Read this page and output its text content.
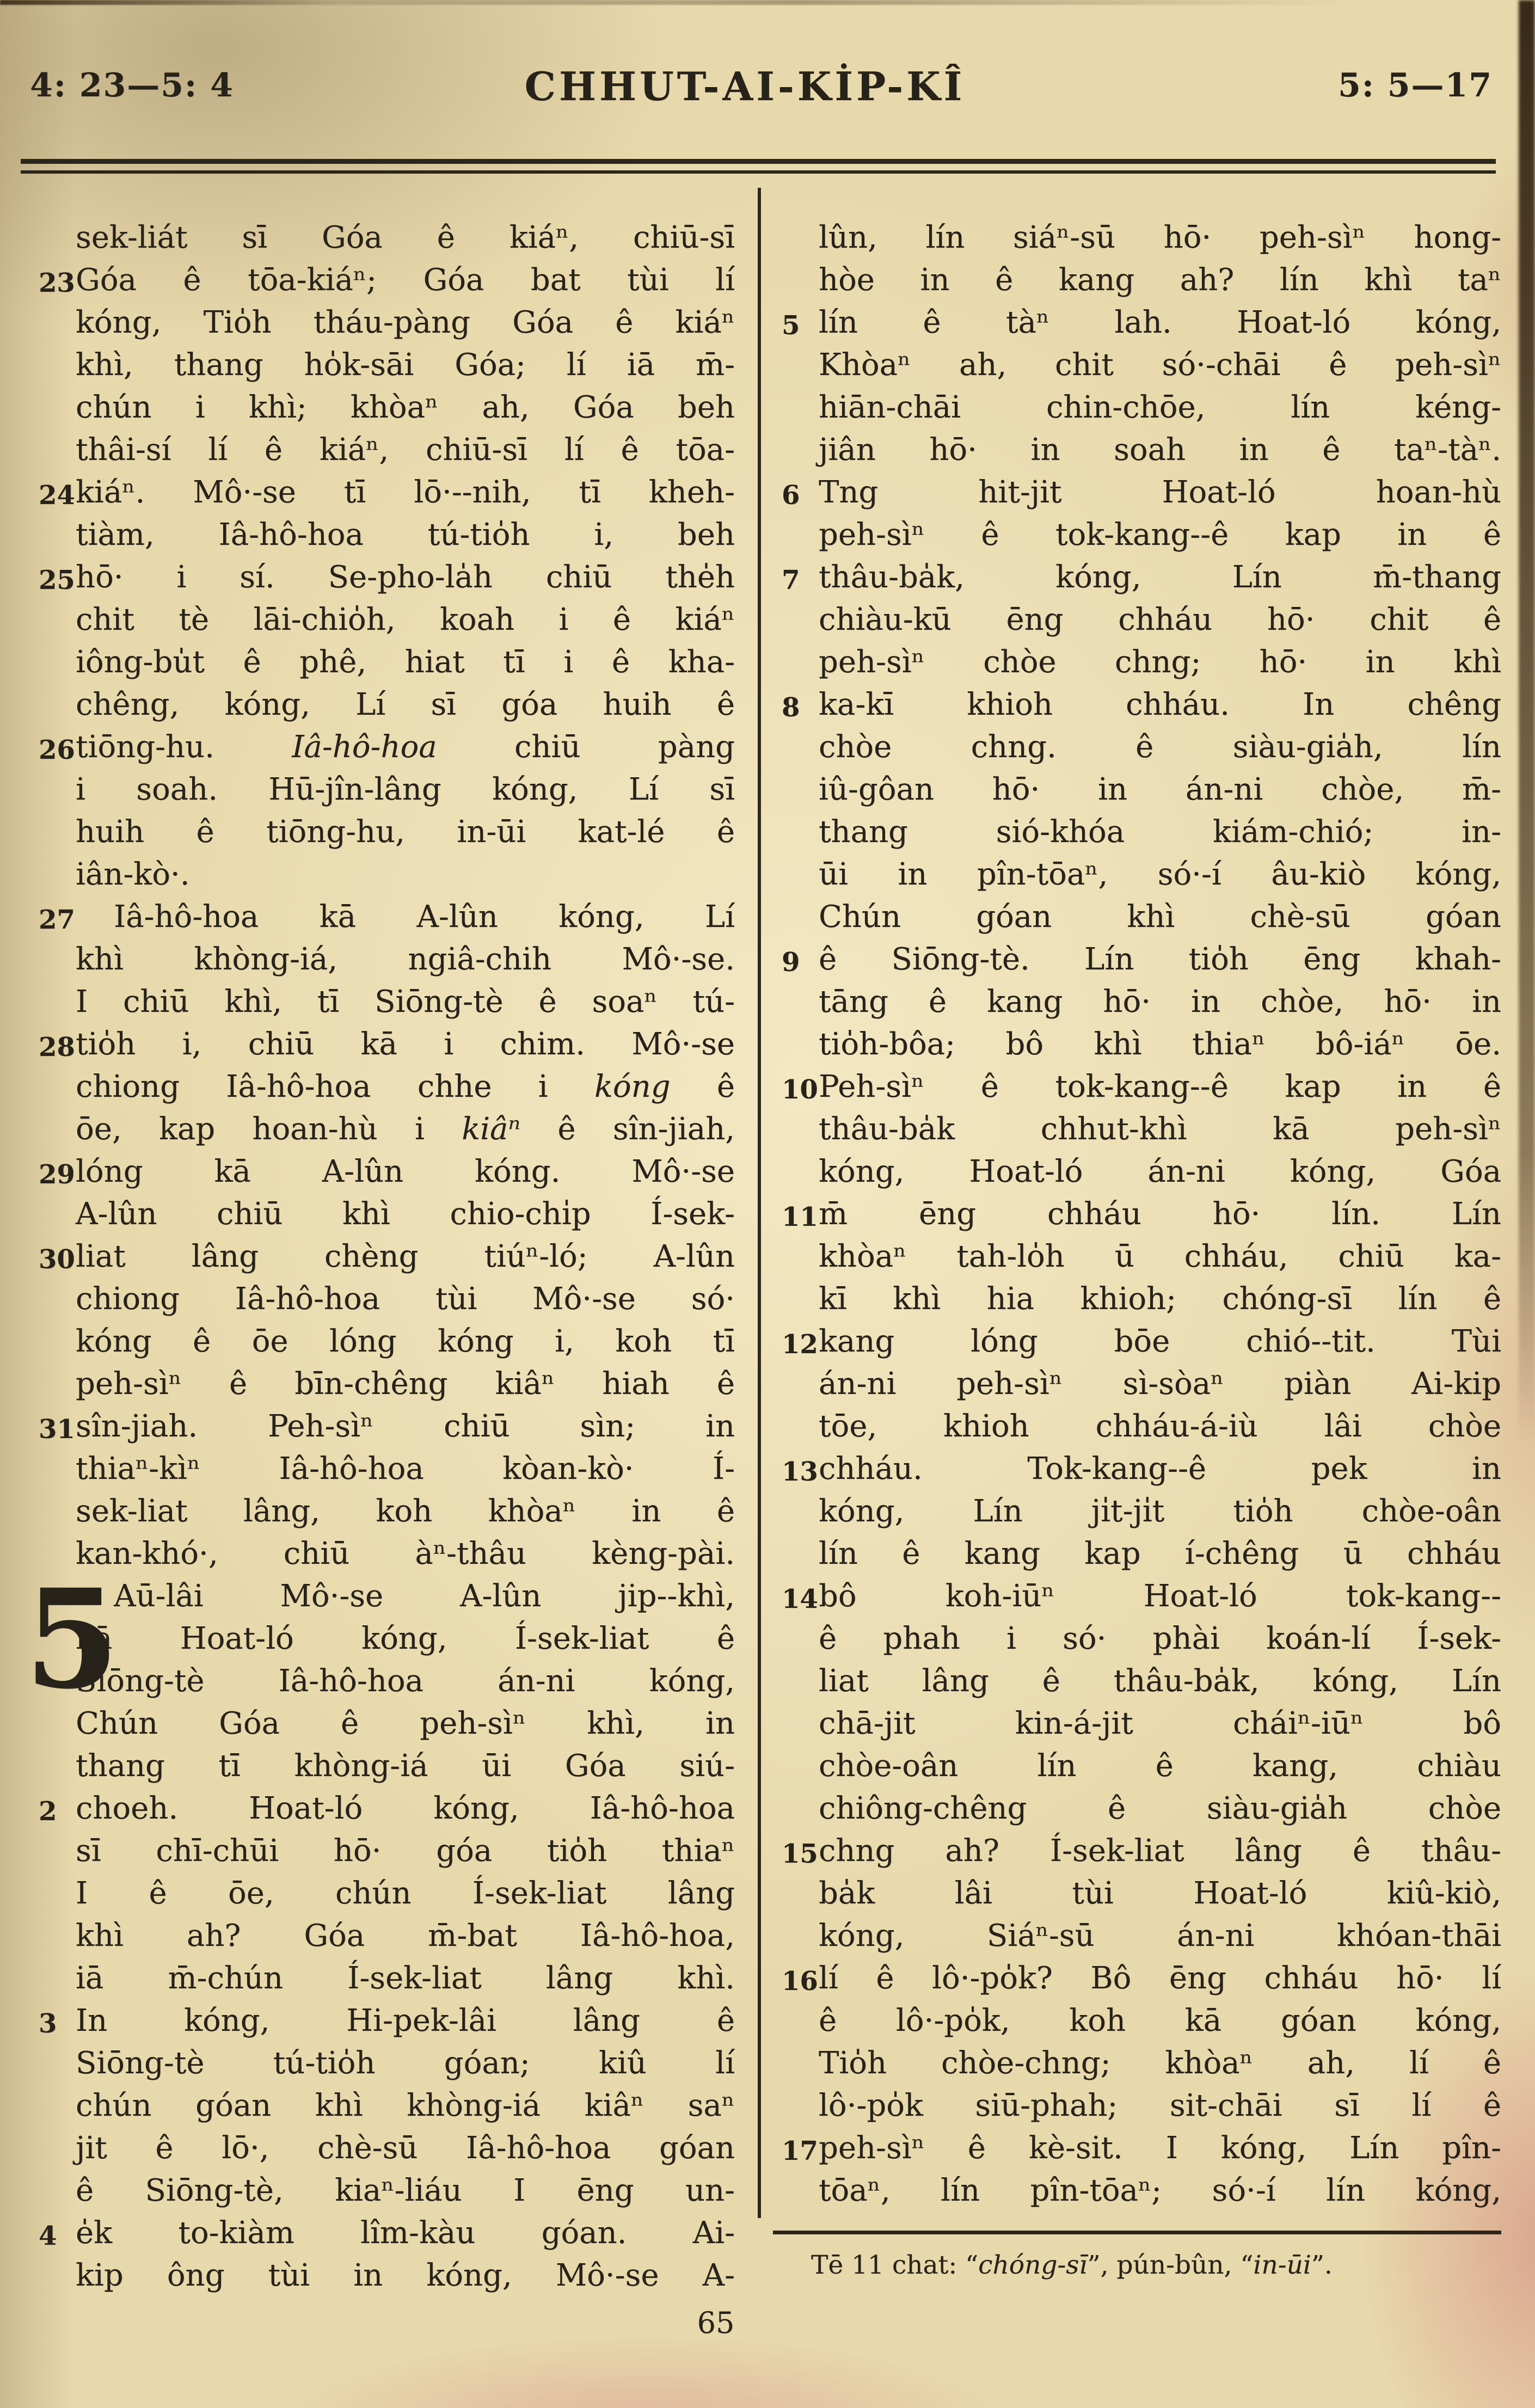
4: 23—5: 4	CHHUT-AI-KİP-KÎ	5: 5—17
sek-liát sī Góa ê kiáⁿ, chiū-sī
23 Góa ê tōa-kiáⁿ; Góa bat tùi lí
kóng, Tio̍h tháu-pàng Góa ê kiáⁿ
khì, thang ho̍k-sāi Góa; lí iā m̄-
chún i khì; khòaⁿ ah, Góa beh
thâi-sí lí ê kiáⁿ, chiū-sī lí ê tōa-
24 kiáⁿ. Mô·-se tī lō·--nih, tī kheh-
tiàm, Iâ-hô-hoa tú-tio̍h i, beh
25 hō· i sí. Se-pho-la̍h chiū the̍h
chit tè lāi-chio̍h, koah i ê kiáⁿ
iông-bu̍t ê phê, hiat tī i ê kha-
chêng, kóng, Lí sī góa huih ê
26 tiōng-hu. Iâ-hô-hoa chiū pàng
i soah. Hū-jîn-lâng kóng, Lí sī
huih ê tiōng-hu, in-ūi kat-lé ê
iân-kò·.
27	Iâ-hô-hoa kā A-lûn kóng, Lí
khì khòng-iá, ngiâ-chih Mô·-se.
I chiū khì, tī Siōng-tè ê soaⁿ tú-
28 tio̍h i, chiū kā i chim. Mô·-se
chiong Iâ-hô-hoa chhe i kóng ê
ōe, kap hoan-hù i kiâⁿ ê sîn-jiah,
29 lóng kā A-lûn kóng. Mô·-se
A-lûn chiū khì chio-chi̍p Í-sek-
30 liat lâng chèng tiúⁿ-ló; A-lûn
chiong Iâ-hô-hoa tùi Mô·-se só·
kóng ê ōe lóng kóng i, koh tī
peh-sìⁿ ê bīn-chêng kiâⁿ hiah ê
31 sîn-jiah. Peh-sìⁿ chiū sìn; in
thiaⁿ-kìⁿ Iâ-hô-hoa kòan-kò· Í-
sek-liat lâng, koh khòaⁿ in ê
kan-khó·, chiū àⁿ-thâu kèng-pài.
5
Aū-lâi Mô·-se A-lûn jip--khì,
kā Hoat-ló kóng, Í-sek-liat ê
Siōng-tè Iâ-hô-hoa án-ni kóng,
Chún Góa ê peh-sìⁿ khì, in
thang tī khòng-iá ūi Góa siú-
2 choeh. Hoat-ló kóng, Iâ-hô-hoa
sī chī-chūi hō· góa tio̍h thiaⁿ
I ê ōe, chún Í-sek-liat lâng
khì ah? Góa m̄-bat Iâ-hô-hoa,
iā m̄-chún Í-sek-liat lâng khì.
3 In kóng, Hi-pek-lâi lâng ê
Siōng-tè tú-tio̍h góan; kiû lí
chún góan khì khòng-iá kiâⁿ saⁿ
jit ê lō·, chè-sū Iâ-hô-hoa góan
ê Siōng-tè, kiaⁿ-liáu I ēng un-
4 e̍k to-kiàm lîm-kàu góan. Ai-
kip ông tùi in kóng, Mô·-se A-
lûn, lín siáⁿ-sū hō· peh-sìⁿ hong-
hòe in ê kang ah? lín khì taⁿ
5 lín ê tàⁿ lah. Hoat-ló kóng,
Khòaⁿ ah, chit só·-chāi ê peh-sìⁿ
hiān-chāi chin-chōe, lín kéng-
jiân hō· in soah in ê taⁿ-tàⁿ.
6 Tng hit-jit Hoat-ló hoan-hù
peh-sìⁿ ê tok-kang--ê kap in ê
7 thâu-ba̍k, kóng, Lín m̄-thang
chiàu-kū ēng chháu hō· chit ê
peh-sìⁿ chòe chng; hō· in khì
8 ka-kī khioh chháu. In chêng
chòe chng. ê siàu-gia̍h, lín
iû-gôan hō· in án-ni chòe, m̄-
thang sió-khóa kiám-chió; in-
ūi in pîn-tōaⁿ, só·-í âu-kiò kóng,
Chún góan khì chè-sū góan
9 ê Siōng-tè. Lín tio̍h ēng khah-
tāng ê kang hō· in chòe, hō· in
tio̍h-bôa; bô khì thiaⁿ bô-iáⁿ ōe.
10 Peh-sìⁿ ê tok-kang--ê kap in ê
thâu-ba̍k chhut-khì kā peh-sìⁿ
kóng, Hoat-ló án-ni kóng, Góa
11 m̄ ēng chháu hō· lín. Lín
khòaⁿ tah-lo̍h ū chháu, chiū ka-
kī khì hia khioh; chóng-sī lín ê
12 kang lóng bōe chió--tit. Tùi
án-ni peh-sìⁿ sì-sòaⁿ piàn Ai-kip
tōe, khioh chháu-á-iù lâi chòe
13 chháu. Tok-kang--ê pek in
kóng, Lín ji̍t-ji̍t tio̍h chòe-oân
lín ê kang kap í-chêng ū chháu
14 bô koh-iūⁿ Hoat-ló tok-kang--
ê phah i só· phài koán-lí Í-sek-
liat lâng ê thâu-ba̍k, kóng, Lín
chā-jit kin-á-jit cháiⁿ-iūⁿ bô
chòe-oân lín ê kang, chiàu
chiông-chêng ê siàu-gia̍h chòe
15 chng ah? Í-sek-liat lâng ê thâu-
ba̍k lâi tùi Hoat-ló kiû-kiò,
kóng, Siáⁿ-sū án-ni khóan-thāi
16 lí ê lô·-po̍k? Bô ēng chháu hō· lí
ê lô·-po̍k, koh kā góan kóng,
Tio̍h chòe-chng; khòaⁿ ah, lí ê
lô·-po̍k siū-phah; sit-chāi sī lí ê
17 peh-sìⁿ ê kè-sit. I kóng, Lín pîn-
tōaⁿ, lín pîn-tōaⁿ; só·-í lín kóng,
Tē 11 chat: “chóng-sī”, pún-bûn, “in-ūi”.
65
